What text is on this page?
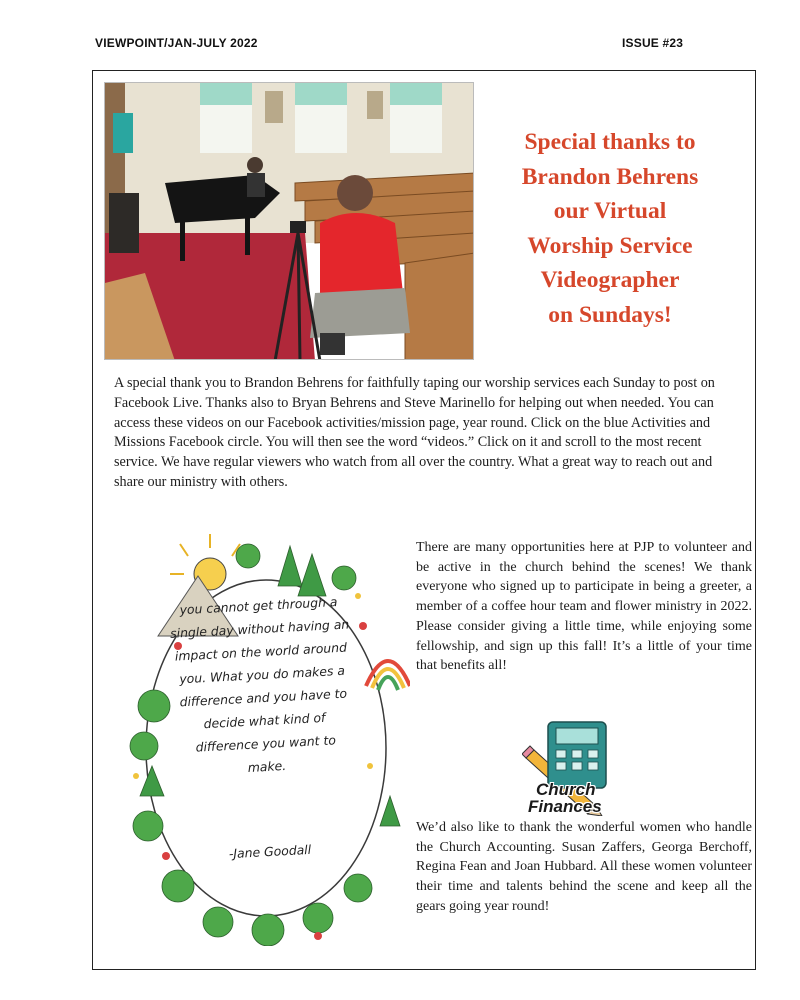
VIEWPOINT/JAN-JULY 2022	ISSUE #23
Special thanks to
Brandon Behrens
our Virtual
Worship Service
Videographer
on Sundays!
A special thank you to Brandon Behrens for faithfully taping our worship services each Sunday to post on Facebook Live. Thanks also to Bryan Behrens and Steve Marinello for helping out when needed. You can access these videos on our Facebook activities/mission page, year round. Click on the blue Activities and Missions Facebook circle. You will then see the word “videos.” Click on it and scroll to the most recent service. We have regular viewers who watch from all over the country. What a great way to reach out and share our ministry with others.
you cannot get through a single day without having an impact on the world around you. What you do makes a difference and you have to decide what kind of difference you want to make.
-Jane Goodall
There are many opportunities here at PJP to volunteer and be active in the church behind the scenes! We thank everyone who signed up to participate in being a greeter, a member of a coffee hour team and flower ministry in 2022. Please consider giving a little time, while enjoying some fellowship, and sign up this fall! It’s a little of your time that benefits all!
Church
Finances
We’d also like to thank the wonderful women who handle the Church Accounting. Susan Zaffers, Georga Berchoff, Regina Fean and Joan Hubbard. All these women volunteer their time and talents behind the scene and keep all the gears going year round!
